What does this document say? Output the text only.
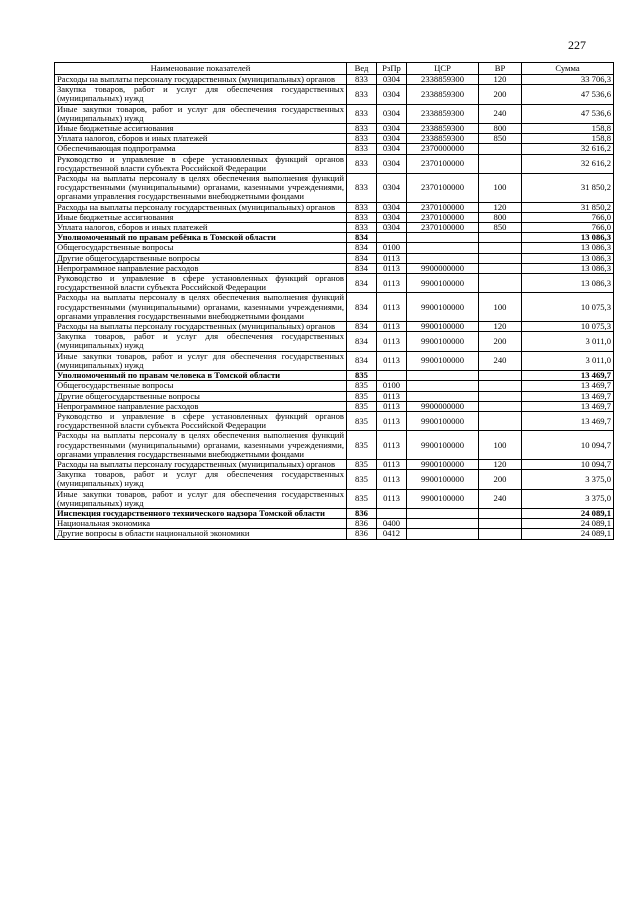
227
Наименование показателей	Вед	РзПр	ЦСР	ВР	Сумма
Расходы на выплаты персоналу государственных (муниципальных) органов	833	0304	2338859300	120	33 706,3
Закупка товаров, работ и услуг для обеспечения государственных (муниципальных) нужд	833	0304	2338859300	200	47 536,6
Иные закупки товаров, работ и услуг для обеспечения государственных (муниципальных) нужд	833	0304	2338859300	240	47 536,6
Иные бюджетные ассигнования	833	0304	2338859300	800	158,8
Уплата налогов, сборов и иных платежей	833	0304	2338859300	850	158,8
Обеспечивающая подпрограмма	833	0304	2370000000		32 616,2
Руководство и управление в сфере установленных функций органов государственной власти субъекта Российской Федерации	833	0304	2370100000		32 616,2
Расходы на выплаты персоналу в целях обеспечения выполнения функций государственными (муниципальными) органами, казенными учреждениями, органами управления государственными внебюджетными фондами	833	0304	2370100000	100	31 850,2
Расходы на выплаты персоналу государственных (муниципальных) органов	833	0304	2370100000	120	31 850,2
Иные бюджетные ассигнования	833	0304	2370100000	800	766,0
Уплата налогов, сборов и иных платежей	833	0304	2370100000	850	766,0
Уполномоченный по правам ребёнка в Томской области	834				13 086,3
Общегосударственные вопросы	834	0100			13 086,3
Другие общегосударственные вопросы	834	0113			13 086,3
Непрограммное направление расходов	834	0113	9900000000		13 086,3
Руководство и управление в сфере установленных функций органов государственной власти субъекта Российской Федерации	834	0113	9900100000		13 086,3
Расходы на выплаты персоналу в целях обеспечения выполнения функций государственными (муниципальными) органами, казенными учреждениями, органами управления государственными внебюджетными фондами	834	0113	9900100000	100	10 075,3
Расходы на выплаты персоналу государственных (муниципальных) органов	834	0113	9900100000	120	10 075,3
Закупка товаров, работ и услуг для обеспечения государственных (муниципальных) нужд	834	0113	9900100000	200	3 011,0
Иные закупки товаров, работ и услуг для обеспечения государственных (муниципальных) нужд	834	0113	9900100000	240	3 011,0
Уполномоченный по правам человека в Томской области	835				13 469,7
Общегосударственные вопросы	835	0100			13 469,7
Другие общегосударственные вопросы	835	0113			13 469,7
Непрограммное направление расходов	835	0113	9900000000		13 469,7
Руководство и управление в сфере установленных функций органов государственной власти субъекта Российской Федерации	835	0113	9900100000		13 469,7
Расходы на выплаты персоналу в целях обеспечения выполнения функций государственными (муниципальными) органами, казенными учреждениями, органами управления государственными внебюджетными фондами	835	0113	9900100000	100	10 094,7
Расходы на выплаты персоналу государственных (муниципальных) органов	835	0113	9900100000	120	10 094,7
Закупка товаров, работ и услуг для обеспечения государственных (муниципальных) нужд	835	0113	9900100000	200	3 375,0
Иные закупки товаров, работ и услуг для обеспечения государственных (муниципальных) нужд	835	0113	9900100000	240	3 375,0
Инспекция государственного технического надзора Томской области	836				24 089,1
Национальная экономика	836	0400			24 089,1
Другие вопросы в области национальной экономики	836	0412			24 089,1
